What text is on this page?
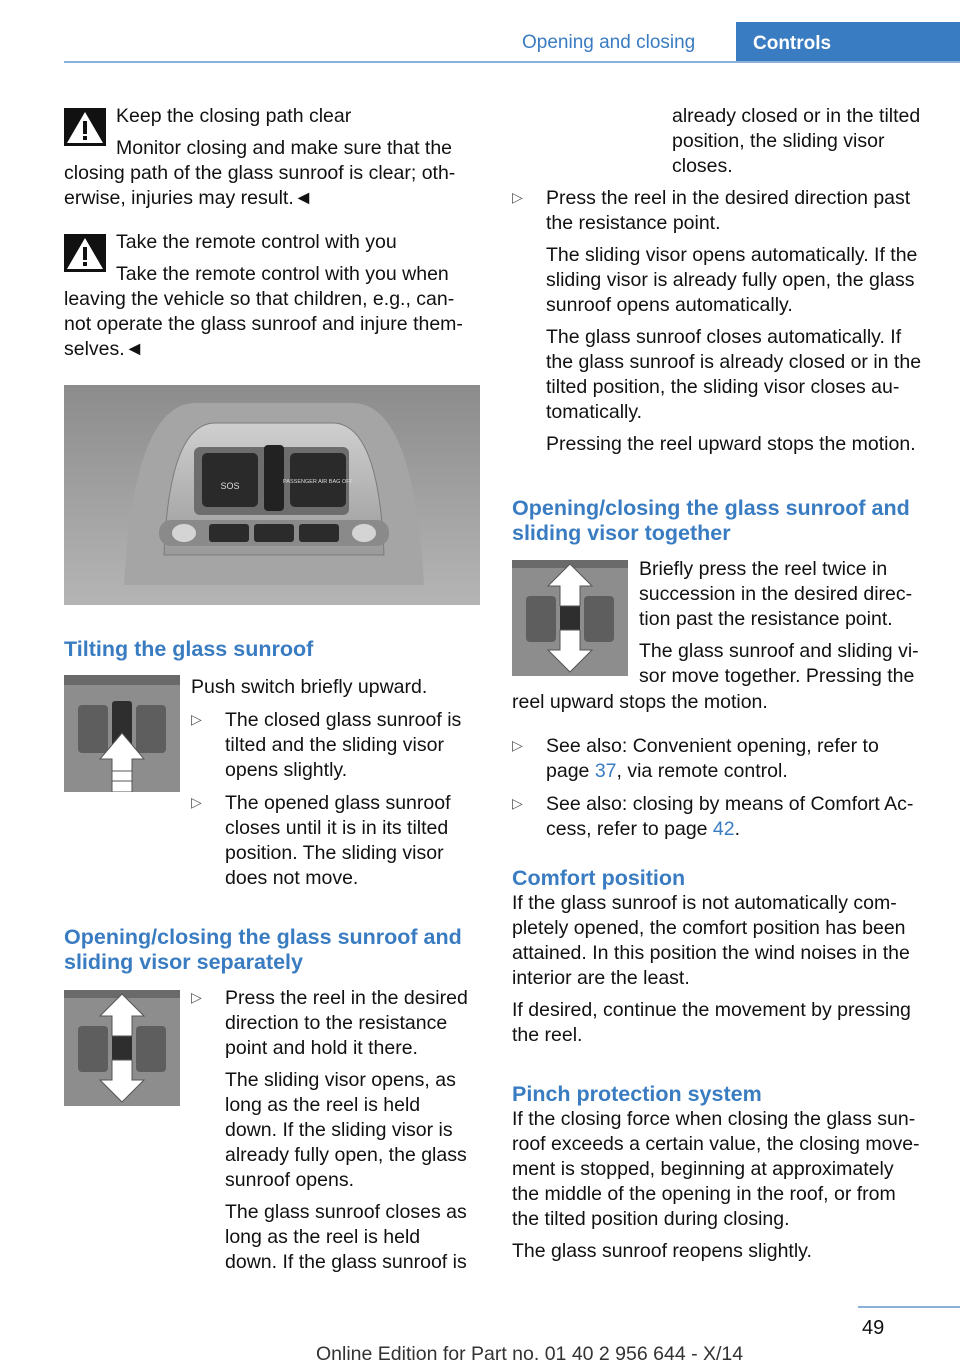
Opening and closing	Controls

Keep the closing path clear

Monitor closing and make sure that the

closing path of the glass sunroof is clear; oth-

erwise, injuries may result.◄

Take the remote control with you

Take the remote control with you when

leaving the vehicle so that children, e.g., can-

not operate the glass sunroof and injure them-

selves.◄

SOS	PASSENGER AIR BAG OFF
Tilting the glass sunroof

Push switch briefly upward.

▷ The closed glass sunroof is

tilted and the sliding visor

opens slightly.

▷ The opened glass sunroof

closes until it is in its tilted

position. The sliding visor

does not move.

Opening/closing the glass sunroof and
sliding visor separately

▷ Press the reel in the desired

direction to the resistance

point and hold it there.

The sliding visor opens, as

long as the reel is held

down. If the sliding visor is

already fully open, the glass

sunroof opens.

The glass sunroof closes as

long as the reel is held

down. If the glass sunroof is

already closed or in the tilted

position, the sliding visor

closes.

▷ Press the reel in the desired direction past

the resistance point.

The sliding visor opens automatically. If the

sliding visor is already fully open, the glass

sunroof opens automatically.

The glass sunroof closes automatically. If

the glass sunroof is already closed or in the

tilted position, the sliding visor closes au-

tomatically.

Pressing the reel upward stops the motion.

Opening/closing the glass sunroof and
sliding visor together

Briefly press the reel twice in

succession in the desired direc-

tion past the resistance point.

The glass sunroof and sliding vi-

sor move together. Pressing the

reel upward stops the motion.

▷ See also: Convenient opening, refer to

page 37, via remote control.

▷ See also: closing by means of Comfort Ac-

cess, refer to page 42.

Comfort position

If the glass sunroof is not automatically com-

pletely opened, the comfort position has been

attained. In this position the wind noises in the

interior are the least.

If desired, continue the movement by pressing

the reel.

Pinch protection system

If the closing force when closing the glass sun-

roof exceeds a certain value, the closing move-

ment is stopped, beginning at approximately

the middle of the opening in the roof, or from

the tilted position during closing.

The glass sunroof reopens slightly.

49
Online Edition for Part no. 01 40 2 956 644 - X/14
